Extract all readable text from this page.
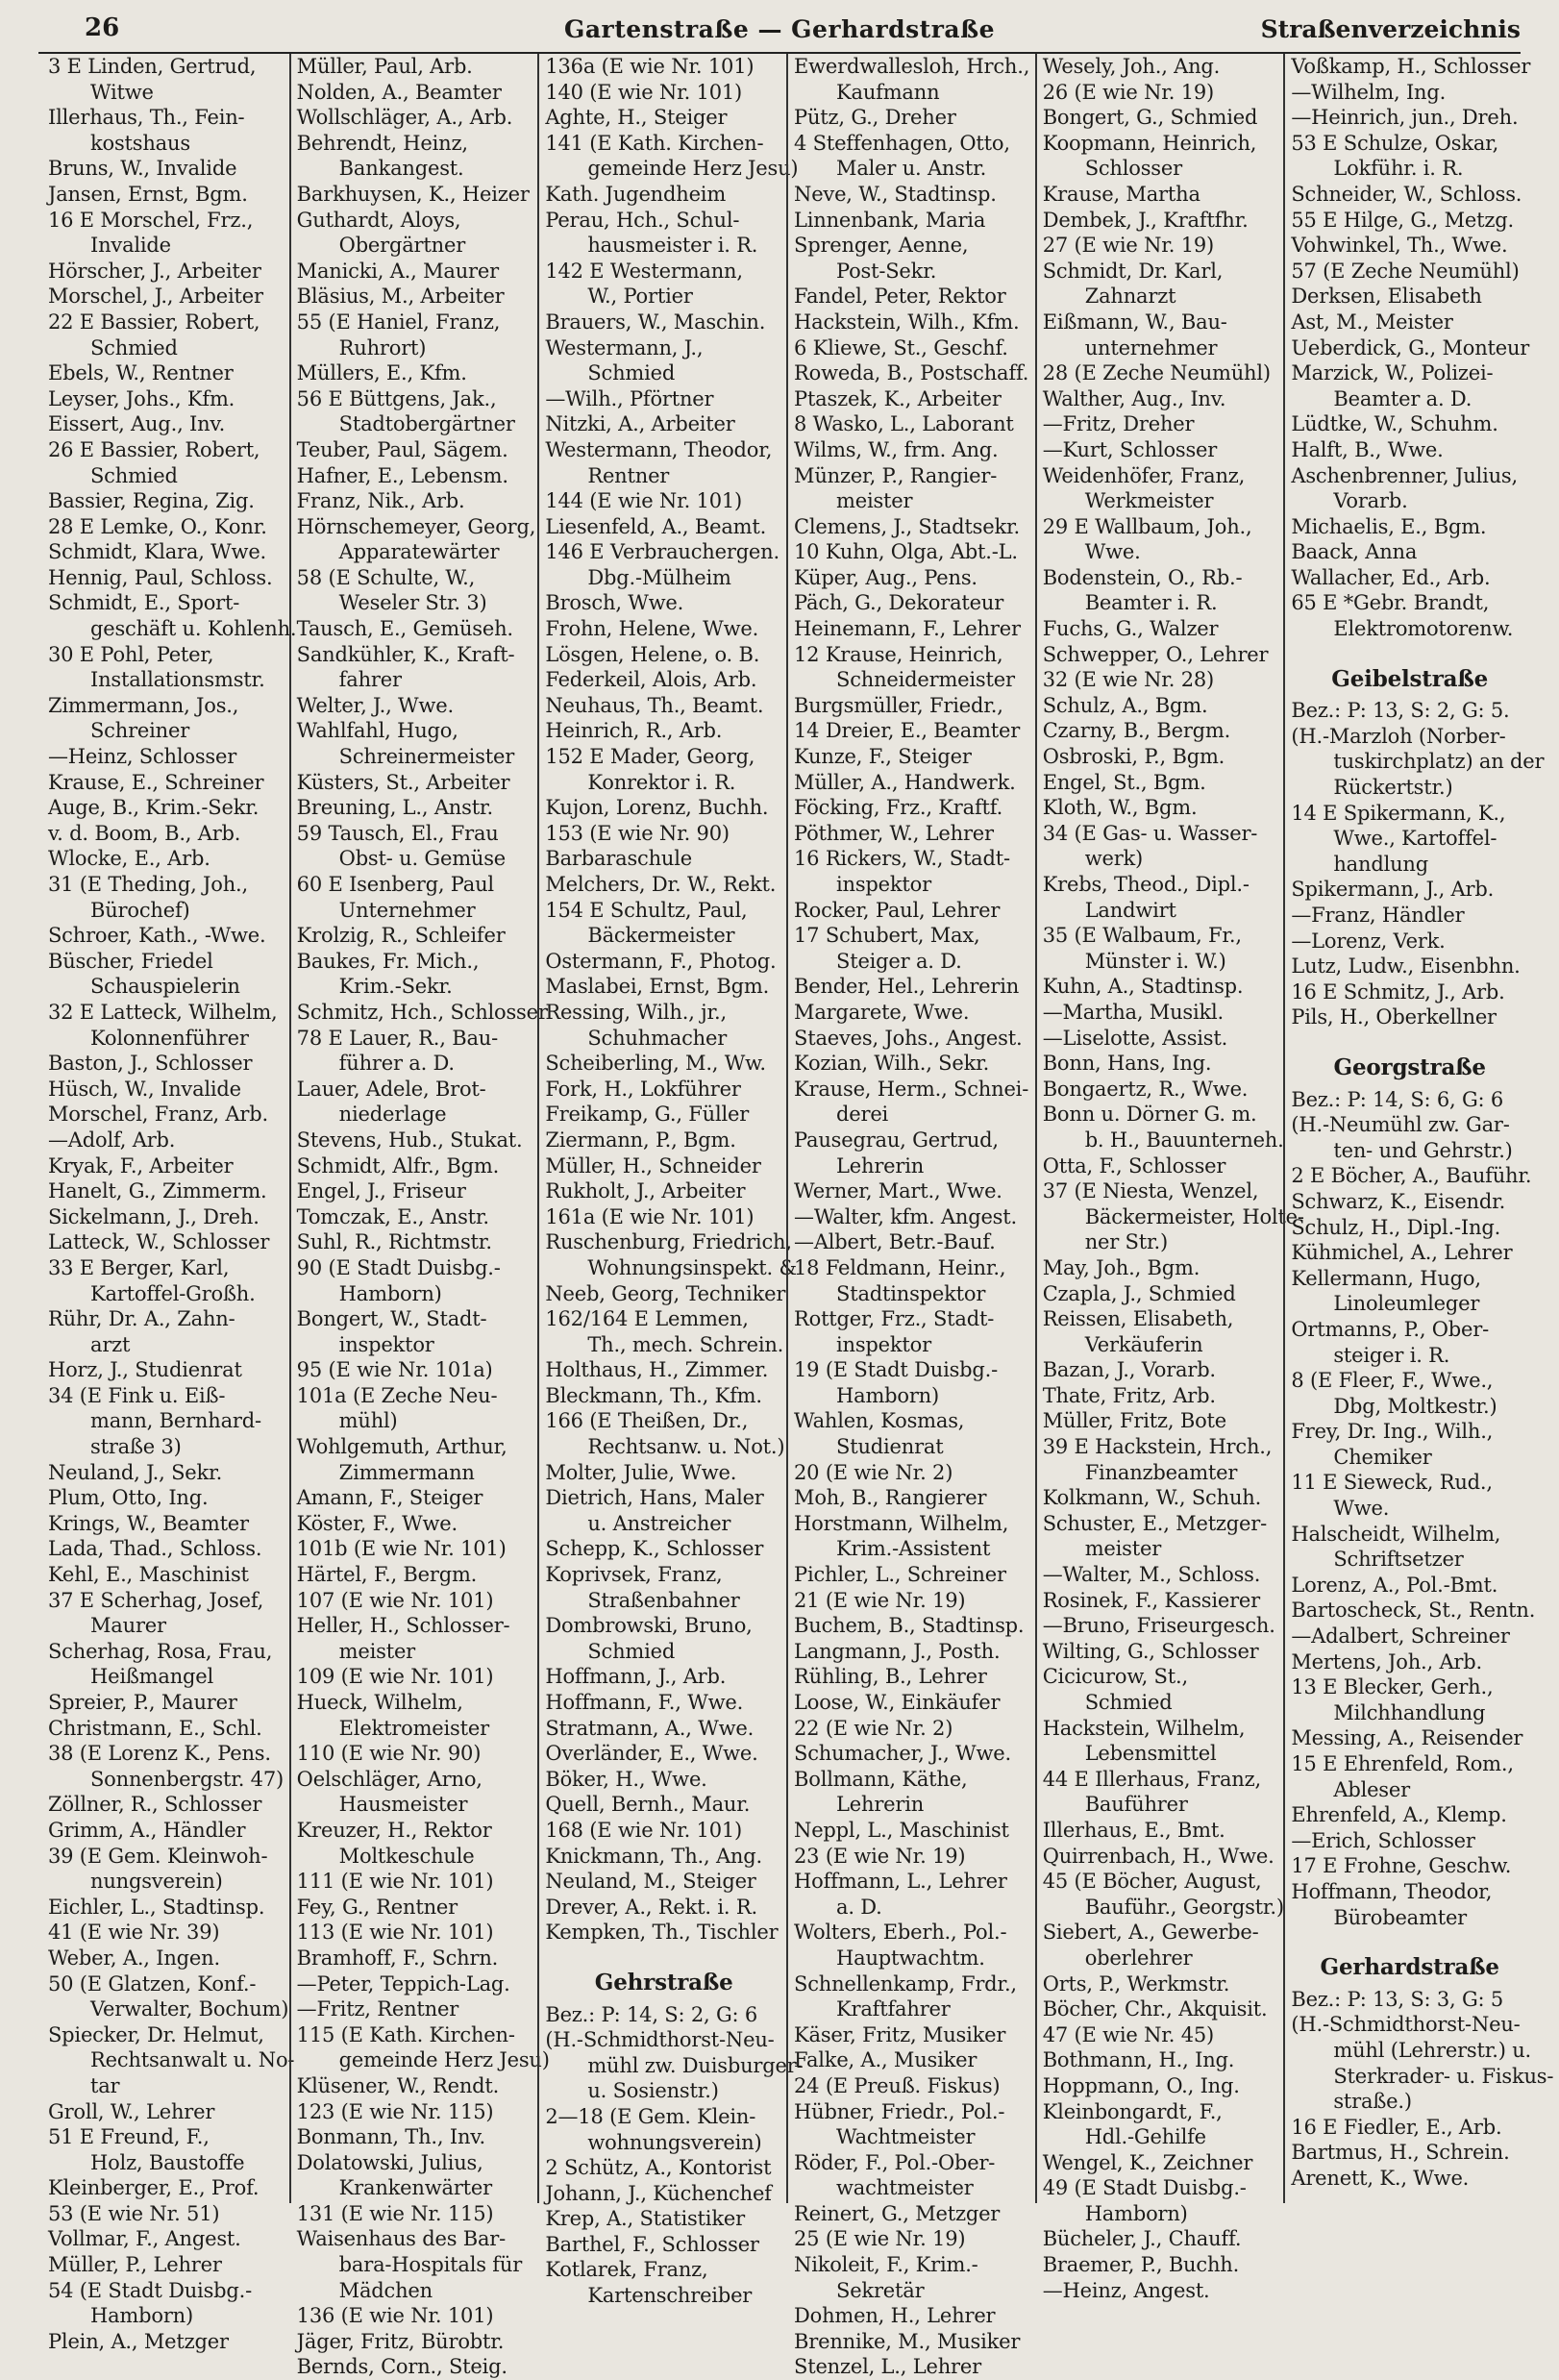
26	Gartenstraße — Gerhardstraße	Straßenverzeichnis
3 E Linden, Gertrud,
Witwe
Illerhaus, Th., Fein-
kostshaus
Bruns, W., Invalide
Jansen, Ernst, Bgm.
16 E Morschel, Frz.,
Invalide
Hörscher, J., Arbeiter
Morschel, J., Arbeiter
22 E Bassier, Robert,
Schmied
Ebels, W., Rentner
Leyser, Johs., Kfm.
Eissert, Aug., Inv.
26 E Bassier, Robert,
Schmied
Bassier, Regina, Zig.
28 E Lemke, O., Konr.
Schmidt, Klara, Wwe.
Hennig, Paul, Schloss.
Schmidt, E., Sport-
geschäft u. Kohlenh.
30 E Pohl, Peter,
Installationsmstr.
Zimmermann, Jos.,
Schreiner
—Heinz, Schlosser
Krause, E., Schreiner
Auge, B., Krim.-Sekr.
v. d. Boom, B., Arb.
Wlocke, E., Arb.
31 (E Theding, Joh.,
Bürochef)
Schroer, Kath., -Wwe.
Büscher, Friedel
Schauspielerin
32 E Latteck, Wilhelm,
Kolonnenführer
Baston, J., Schlosser
Hüsch, W., Invalide
Morschel, Franz, Arb.
—Adolf, Arb.
Kryak, F., Arbeiter
Hanelt, G., Zimmerm.
Sickelmann, J., Dreh.
Latteck, W., Schlosser
33 E Berger, Karl,
Kartoffel-Großh.
Rühr, Dr. A., Zahn-
arzt
Horz, J., Studienrat
34 (E Fink u. Eiß-
mann, Bernhard-
straße 3)
Neuland, J., Sekr.
Plum, Otto, Ing.
Krings, W., Beamter
Lada, Thad., Schloss.
Kehl, E., Maschinist
37 E Scherhag, Josef,
Maurer
Scherhag, Rosa, Frau,
Heißmangel
Spreier, P., Maurer
Christmann, E., Schl.
38 (E Lorenz K., Pens.
Sonnenbergstr. 47)
Zöllner, R., Schlosser
Grimm, A., Händler
39 (E Gem. Kleinwoh-
nungsverein)
Eichler, L., Stadtinsp.
41 (E wie Nr. 39)
Weber, A., Ingen.
50 (E Glatzen, Konf.-
Verwalter, Bochum)
Spiecker, Dr. Helmut,
Rechtsanwalt u. No-
tar
Groll, W., Lehrer
51 E Freund, F.,
Holz, Baustoffe
Kleinberger, E., Prof.
53 (E wie Nr. 51)
Vollmar, F., Angest.
Müller, P., Lehrer
54 (E Stadt Duisbg.-
Hamborn)
Plein, A., Metzger
Müller, Paul, Arb.
Nolden, A., Beamter
Wollschläger, A., Arb.
Behrendt, Heinz,
Bankangest.
Barkhuysen, K., Heizer
Guthardt, Aloys,
Obergärtner
Manicki, A., Maurer
Bläsius, M., Arbeiter
55 (E Haniel, Franz,
Ruhrort)
Müllers, E., Kfm.
56 E Büttgens, Jak.,
Stadtobergärtner
Teuber, Paul, Sägem.
Hafner, E., Lebensm.
Franz, Nik., Arb.
Hörnschemeyer, Georg,
Apparatewärter
58 (E Schulte, W.,
Weseler Str. 3)
Tausch, E., Gemüseh.
Sandkühler, K., Kraft-
fahrer
Welter, J., Wwe.
Wahlfahl, Hugo,
Schreinermeister
Küsters, St., Arbeiter
Breuning, L., Anstr.
59 Tausch, El., Frau
Obst- u. Gemüse
60 E Isenberg, Paul
Unternehmer
Krolzig, R., Schleifer
Baukes, Fr. Mich.,
Krim.-Sekr.
Schmitz, Hch., Schlosser
78 E Lauer, R., Bau-
führer a. D.
Lauer, Adele, Brot-
niederlage
Stevens, Hub., Stukat.
Schmidt, Alfr., Bgm.
Engel, J., Friseur
Tomczak, E., Anstr.
Suhl, R., Richtmstr.
90 (E Stadt Duisbg.-
Hamborn)
Bongert, W., Stadt-
inspektor
95 (E wie Nr. 101a)
101a (E Zeche Neu-
mühl)
Wohlgemuth, Arthur,
Zimmermann
Amann, F., Steiger
Köster, F., Wwe.
101b (E wie Nr. 101)
Härtel, F., Bergm.
107 (E wie Nr. 101)
Heller, H., Schlosser-
meister
109 (E wie Nr. 101)
Hueck, Wilhelm,
Elektromeister
110 (E wie Nr. 90)
Oelschläger, Arno,
Hausmeister
Kreuzer, H., Rektor
Moltkeschule
111 (E wie Nr. 101)
Fey, G., Rentner
113 (E wie Nr. 101)
Bramhoff, F., Schrn.
—Peter, Teppich-Lag.
—Fritz, Rentner
115 (E Kath. Kirchen-
gemeinde Herz Jesu)
Klüsener, W., Rendt.
123 (E wie Nr. 115)
Bonmann, Th., Inv.
Dolatowski, Julius,
Krankenwärter
131 (E wie Nr. 115)
Waisenhaus des Bar-
bara-Hospitals für
Mädchen
136 (E wie Nr. 101)
Jäger, Fritz, Bürobtr.
Bernds, Corn., Steig.
136a (E wie Nr. 101)
140 (E wie Nr. 101)
Aghte, H., Steiger
141 (E Kath. Kirchen-
gemeinde Herz Jesu)
Kath. Jugendheim
Perau, Hch., Schul-
hausmeister i. R.
142 E Westermann,
W., Portier
Brauers, W., Maschin.
Westermann, J.,
Schmied
—Wilh., Pförtner
Nitzki, A., Arbeiter
Westermann, Theodor,
Rentner
144 (E wie Nr. 101)
Liesenfeld, A., Beamt.
146 E Verbrauchergen.
Dbg.-Mülheim
Brosch, Wwe.
Frohn, Helene, Wwe.
Lösgen, Helene, o. B.
Federkeil, Alois, Arb.
Neuhaus, Th., Beamt.
Heinrich, R., Arb.
152 E Mader, Georg,
Konrektor i. R.
Kujon, Lorenz, Buchh.
153 (E wie Nr. 90)
Barbaraschule
Melchers, Dr. W., Rekt.
154 E Schultz, Paul,
Bäckermeister
Ostermann, F., Photog.
Maslabei, Ernst, Bgm.
Ressing, Wilh., jr.,
Schuhmacher
Scheiberling, M., Ww.
Fork, H., Lokführer
Freikamp, G., Füller
Ziermann, P., Bgm.
Müller, H., Schneider
Rukholt, J., Arbeiter
161a (E wie Nr. 101)
Ruschenburg, Friedrich,
Wohnungsinspekt. &
Neeb, Georg, Techniker
162/164 E Lemmen,
Th., mech. Schrein.
Holthaus, H., Zimmer.
Bleckmann, Th., Kfm.
166 (E Theißen, Dr.,
Rechtsanw. u. Not.)
Molter, Julie, Wwe.
Dietrich, Hans, Maler
u. Anstreicher
Schepp, K., Schlosser
Koprivsek, Franz,
Straßenbahner
Dombrowski, Bruno,
Schmied
Hoffmann, J., Arb.
Hoffmann, F., Wwe.
Stratmann, A., Wwe.
Overländer, E., Wwe.
Böker, H., Wwe.
Quell, Bernh., Maur.
168 (E wie Nr. 101)
Knickmann, Th., Ang.
Neuland, M., Steiger
Drever, A., Rekt. i. R.
Kempken, Th., Tischler
Gehrstraße
Bez.: P: 14, S: 2, G: 6
(H.-Schmidthorst-Neu-
mühl zw. Duisburger-
u. Sosienstr.)
2—18 (E Gem. Klein-
wohnungsverein)
2 Schütz, A., Kontorist
Johann, J., Küchenchef
Krep, A., Statistiker
Barthel, F., Schlosser
Kotlarek, Franz,
Kartenschreiber
Ewerdwallesloh, Hrch.,
Kaufmann
Pütz, G., Dreher
4 Steffenhagen, Otto,
Maler u. Anstr.
Neve, W., Stadtinsp.
Linnenbank, Maria
Sprenger, Aenne,
Post-Sekr.
Fandel, Peter, Rektor
Hackstein, Wilh., Kfm.
6 Kliewe, St., Geschf.
Roweda, B., Postschaff.
Ptaszek, K., Arbeiter
8 Wasko, L., Laborant
Wilms, W., frm. Ang.
Münzer, P., Rangier-
meister
Clemens, J., Stadtsekr.
10 Kuhn, Olga, Abt.-L.
Küper, Aug., Pens.
Päch, G., Dekorateur
Heinemann, F., Lehrer
12 Krause, Heinrich,
Schneidermeister
Burgsmüller, Friedr.,
14 Dreier, E., Beamter
Kunze, F., Steiger
Müller, A., Handwerk.
Föcking, Frz., Kraftf.
Pöthmer, W., Lehrer
16 Rickers, W., Stadt-
inspektor
Rocker, Paul, Lehrer
17 Schubert, Max,
Steiger a. D.
Bender, Hel., Lehrerin
Margarete, Wwe.
Staeves, Johs., Angest.
Kozian, Wilh., Sekr.
Krause, Herm., Schnei-
derei
Pausegrau, Gertrud,
Lehrerin
Werner, Mart., Wwe.
—Walter, kfm. Angest.
—Albert, Betr.-Bauf.
18 Feldmann, Heinr.,
Stadtinspektor
Rottger, Frz., Stadt-
inspektor
19 (E Stadt Duisbg.-
Hamborn)
Wahlen, Kosmas,
Studienrat
20 (E wie Nr. 2)
Moh, B., Rangierer
Horstmann, Wilhelm,
Krim.-Assistent
Pichler, L., Schreiner
21 (E wie Nr. 19)
Buchem, B., Stadtinsp.
Langmann, J., Posth.
Rühling, B., Lehrer
Loose, W., Einkäufer
22 (E wie Nr. 2)
Schumacher, J., Wwe.
Bollmann, Käthe,
Lehrerin
Neppl, L., Maschinist
23 (E wie Nr. 19)
Hoffmann, L., Lehrer
a. D.
Wolters, Eberh., Pol.-
Hauptwachtm.
Schnellenkamp, Frdr.,
Kraftfahrer
Käser, Fritz, Musiker
Falke, A., Musiker
24 (E Preuß. Fiskus)
Hübner, Friedr., Pol.-
Wachtmeister
Röder, F., Pol.-Ober-
wachtmeister
Reinert, G., Metzger
25 (E wie Nr. 19)
Nikoleit, F., Krim.-
Sekretär
Dohmen, H., Lehrer
Brennike, M., Musiker
Stenzel, L., Lehrer
Wesely, Joh., Ang.
26 (E wie Nr. 19)
Bongert, G., Schmied
Koopmann, Heinrich,
Schlosser
Krause, Martha
Dembek, J., Kraftfhr.
27 (E wie Nr. 19)
Schmidt, Dr. Karl,
Zahnarzt
Eißmann, W., Bau-
unternehmer
28 (E Zeche Neumühl)
Walther, Aug., Inv.
—Fritz, Dreher
—Kurt, Schlosser
Weidenhöfer, Franz,
Werkmeister
29 E Wallbaum, Joh.,
Wwe.
Bodenstein, O., Rb.-
Beamter i. R.
Fuchs, G., Walzer
Schwepper, O., Lehrer
32 (E wie Nr. 28)
Schulz, A., Bgm.
Czarny, B., Bergm.
Osbroski, P., Bgm.
Engel, St., Bgm.
Kloth, W., Bgm.
34 (E Gas- u. Wasser-
werk)
Krebs, Theod., Dipl.-
Landwirt
35 (E Walbaum, Fr.,
Münster i. W.)
Kuhn, A., Stadtinsp.
—Martha, Musikl.
—Liselotte, Assist.
Bonn, Hans, Ing.
Bongaertz, R., Wwe.
Bonn u. Dörner G. m.
b. H., Bauunterneh.
Otta, F., Schlosser
37 (E Niesta, Wenzel,
Bäckermeister, Holte-
ner Str.)
May, Joh., Bgm.
Czapla, J., Schmied
Reissen, Elisabeth,
Verkäuferin
Bazan, J., Vorarb.
Thate, Fritz, Arb.
Müller, Fritz, Bote
39 E Hackstein, Hrch.,
Finanzbeamter
Kolkmann, W., Schuh.
Schuster, E., Metzger-
meister
—Walter, M., Schloss.
Rosinek, F., Kassierer
—Bruno, Friseurgesch.
Wilting, G., Schlosser
Cicicurow, St.,
Schmied
Hackstein, Wilhelm,
Lebensmittel
44 E Illerhaus, Franz,
Bauführer
Illerhaus, E., Bmt.
Quirrenbach, H., Wwe.
45 (E Böcher, August,
Bauführ., Georgstr.)
Siebert, A., Gewerbe-
oberlehrer
Orts, P., Werkmstr.
Böcher, Chr., Akquisit.
47 (E wie Nr. 45)
Bothmann, H., Ing.
Hoppmann, O., Ing.
Kleinbongardt, F.,
Hdl.-Gehilfe
Wengel, K., Zeichner
49 (E Stadt Duisbg.-
Hamborn)
Bücheler, J., Chauff.
Braemer, P., Buchh.
—Heinz, Angest.
Voßkamp, H., Schlosser
—Wilhelm, Ing.
—Heinrich, jun., Dreh.
53 E Schulze, Oskar,
Lokführ. i. R.
Schneider, W., Schloss.
55 E Hilge, G., Metzg.
Vohwinkel, Th., Wwe.
57 (E Zeche Neumühl)
Derksen, Elisabeth
Ast, M., Meister
Ueberdick, G., Monteur
Marzick, W., Polizei-
Beamter a. D.
Lüdtke, W., Schuhm.
Halft, B., Wwe.
Aschenbrenner, Julius,
Vorarb.
Michaelis, E., Bgm.
Baack, Anna
Wallacher, Ed., Arb.
65 E *Gebr. Brandt,
Elektromotorenw.
Geibelstraße
Bez.: P: 13, S: 2, G: 5.
(H.-Marzloh (Norber-
tuskirchplatz) an der
Rückertstr.)
14 E Spikermann, K.,
Wwe., Kartoffel-
handlung
Spikermann, J., Arb.
—Franz, Händler
—Lorenz, Verk.
Lutz, Ludw., Eisenbhn.
16 E Schmitz, J., Arb.
Pils, H., Oberkellner
Georgstraße
Bez.: P: 14, S: 6, G: 6
(H.-Neumühl zw. Gar-
ten- und Gehrstr.)
2 E Böcher, A., Bauführ.
Schwarz, K., Eisendr.
Schulz, H., Dipl.-Ing.
Kühmichel, A., Lehrer
Kellermann, Hugo,
Linoleumleger
Ortmanns, P., Ober-
steiger i. R.
8 (E Fleer, F., Wwe.,
Dbg, Moltkestr.)
Frey, Dr. Ing., Wilh.,
Chemiker
11 E Sieweck, Rud.,
Wwe.
Halscheidt, Wilhelm,
Schriftsetzer
Lorenz, A., Pol.-Bmt.
Bartoscheck, St., Rentn.
—Adalbert, Schreiner
Mertens, Joh., Arb.
13 E Blecker, Gerh.,
Milchhandlung
Messing, A., Reisender
15 E Ehrenfeld, Rom.,
Ableser
Ehrenfeld, A., Klemp.
—Erich, Schlosser
17 E Frohne, Geschw.
Hoffmann, Theodor,
Bürobeamter
Gerhardstraße
Bez.: P: 13, S: 3, G: 5
(H.-Schmidthorst-Neu-
mühl (Lehrerstr.) u.
Sterkrader- u. Fiskus-
straße.)
16 E Fiedler, E., Arb.
Bartmus, H., Schrein.
Arenett, K., Wwe.
